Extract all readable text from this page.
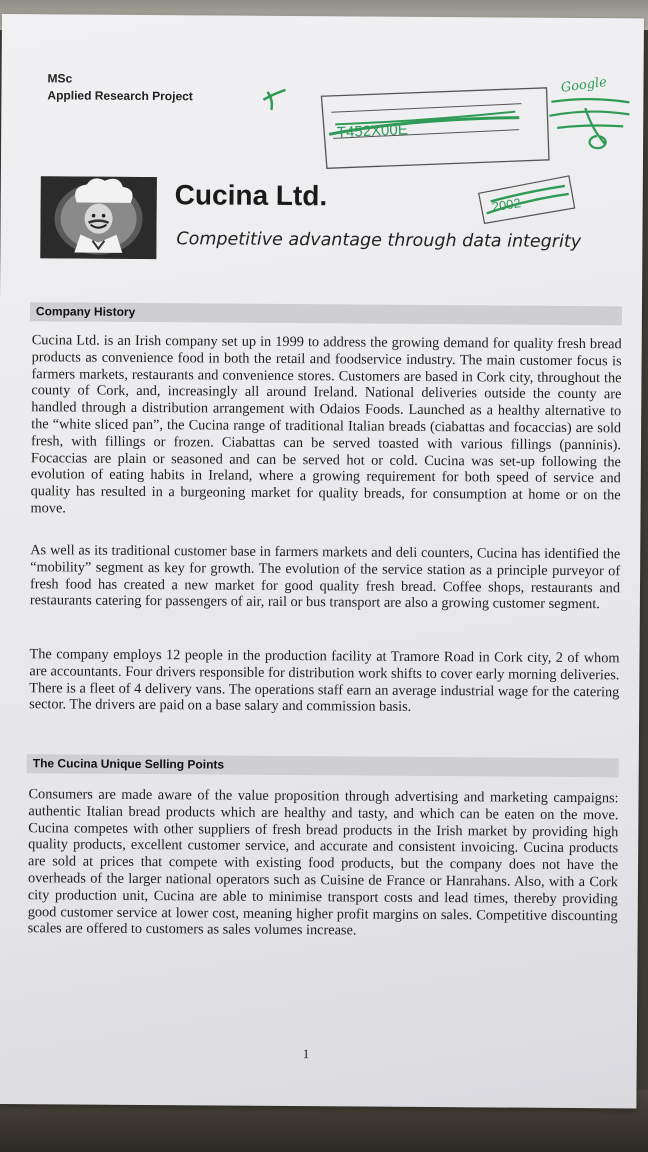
MSc
Applied Research Project
T452X00E
Google
2002
Cucina Ltd.
Competitive advantage through data integrity
Company History

Cucina Ltd. is an Irish company set up in 1999 to address the growing demand for quality fresh bread products as convenience food in both the retail and foodservice industry. The main customer focus is farmers markets, restaurants and convenience stores. Customers are based in Cork city, throughout the county of Cork, and, increasingly all around Ireland. National deliveries outside the county are handled through a distribution arrangement with Odaios Foods. Launched as a healthy alternative to the “white sliced pan”, the Cucina range of traditional Italian breads (ciabattas and focaccias) are sold fresh, with fillings or frozen. Ciabattas can be served toasted with various fillings (panninis). Focaccias are plain or seasoned and can be served hot or cold. Cucina was set-up following the evolution of eating habits in Ireland, where a growing requirement for both speed of service and quality has resulted in a burgeoning market for quality breads, for consumption at home or on the move.

As well as its traditional customer base in farmers markets and deli counters, Cucina has identified the “mobility” segment as key for growth. The evolution of the service station as a principle purveyor of fresh food has created a new market for good quality fresh bread. Coffee shops, restaurants and restaurants catering for passengers of air, rail or bus transport are also a growing customer segment.

The company employs 12 people in the production facility at Tramore Road in Cork city, 2 of whom are accountants. Four drivers responsible for distribution work shifts to cover early morning deliveries. There is a fleet of 4 delivery vans. The operations staff earn an average industrial wage for the catering sector. The drivers are paid on a base salary and commission basis.

The Cucina Unique Selling Points

Consumers are made aware of the value proposition through advertising and marketing campaigns: authentic Italian bread products which are healthy and tasty, and which can be eaten on the move. Cucina competes with other suppliers of fresh bread products in the Irish market by providing high quality products, excellent customer service, and accurate and consistent invoicing. Cucina products are sold at prices that compete with existing food products, but the company does not have the overheads of the larger national operators such as Cuisine de France or Hanrahans. Also, with a Cork city production unit, Cucina are able to minimise transport costs and lead times, thereby providing good customer service at lower cost, meaning higher profit margins on sales. Competitive discounting scales are offered to customers as sales volumes increase.

1
